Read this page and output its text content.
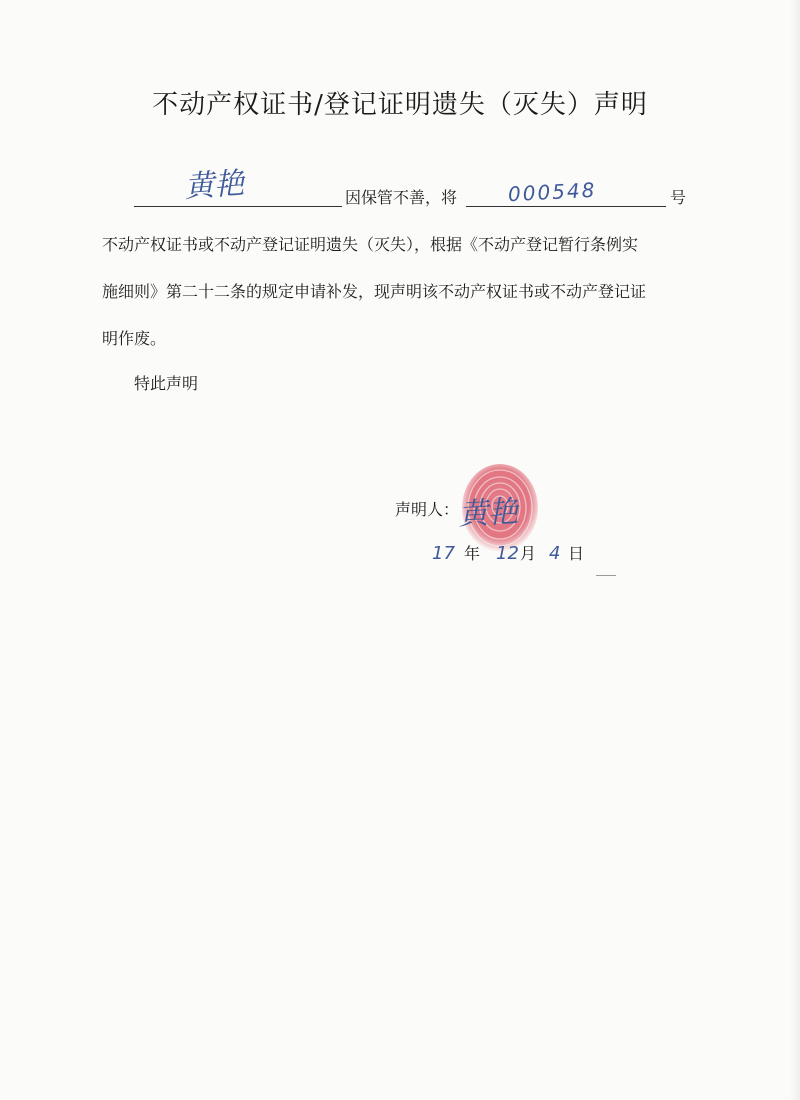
不动产权证书/登记证明遗失（灭失）声明
黄艳	因保管不善，将	000548	号
不动产权证书或不动产登记证明遗失（灭失），根据《不动产登记暂行条例实
施细则》第二十二条的规定申请补发，现声明该不动产权证书或不动产登记证
明作废。
特此声明
声明人：
黄艳
17 年 12 月 4 日
